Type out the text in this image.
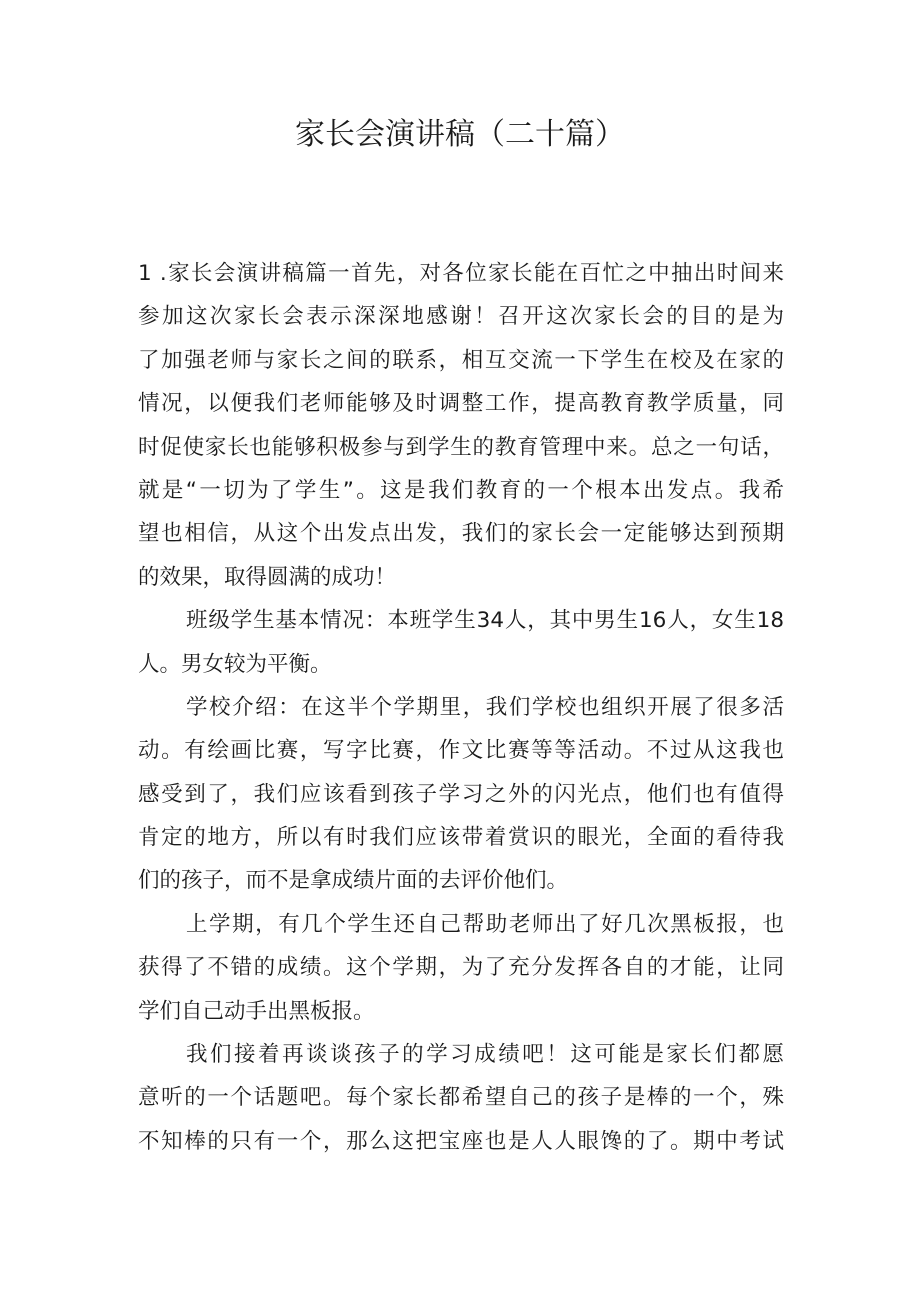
家长会演讲稿（二十篇）
1 .家长会演讲稿篇一首先，对各位家长能在百忙之中抽出时间来
参加这次家长会表示深深地感谢！召开这次家长会的目的是为
了加强老师与家长之间的联系，相互交流一下学生在校及在家的
情况，以便我们老师能够及时调整工作，提高教育教学质量，同
时促使家长也能够积极参与到学生的教育管理中来。总之一句话，
就是“一切为了学生”。这是我们教育的一个根本出发点。我希
望也相信，从这个出发点出发，我们的家长会一定能够达到预期
的效果，取得圆满的成功！
班级学生基本情况：本班学生34人，其中男生16人，女生18
人。男女较为平衡。
学校介绍：在这半个学期里，我们学校也组织开展了很多活
动。有绘画比赛，写字比赛，作文比赛等等活动。不过从这我也
感受到了，我们应该看到孩子学习之外的闪光点，他们也有值得
肯定的地方，所以有时我们应该带着赏识的眼光，全面的看待我
们的孩子，而不是拿成绩片面的去评价他们。
上学期，有几个学生还自己帮助老师出了好几次黑板报，也
获得了不错的成绩。这个学期，为了充分发挥各自的才能，让同
学们自己动手出黑板报。
我们接着再谈谈孩子的学习成绩吧！这可能是家长们都愿
意听的一个话题吧。每个家长都希望自己的孩子是棒的一个，殊
不知棒的只有一个，那么这把宝座也是人人眼馋的了。期中考试
